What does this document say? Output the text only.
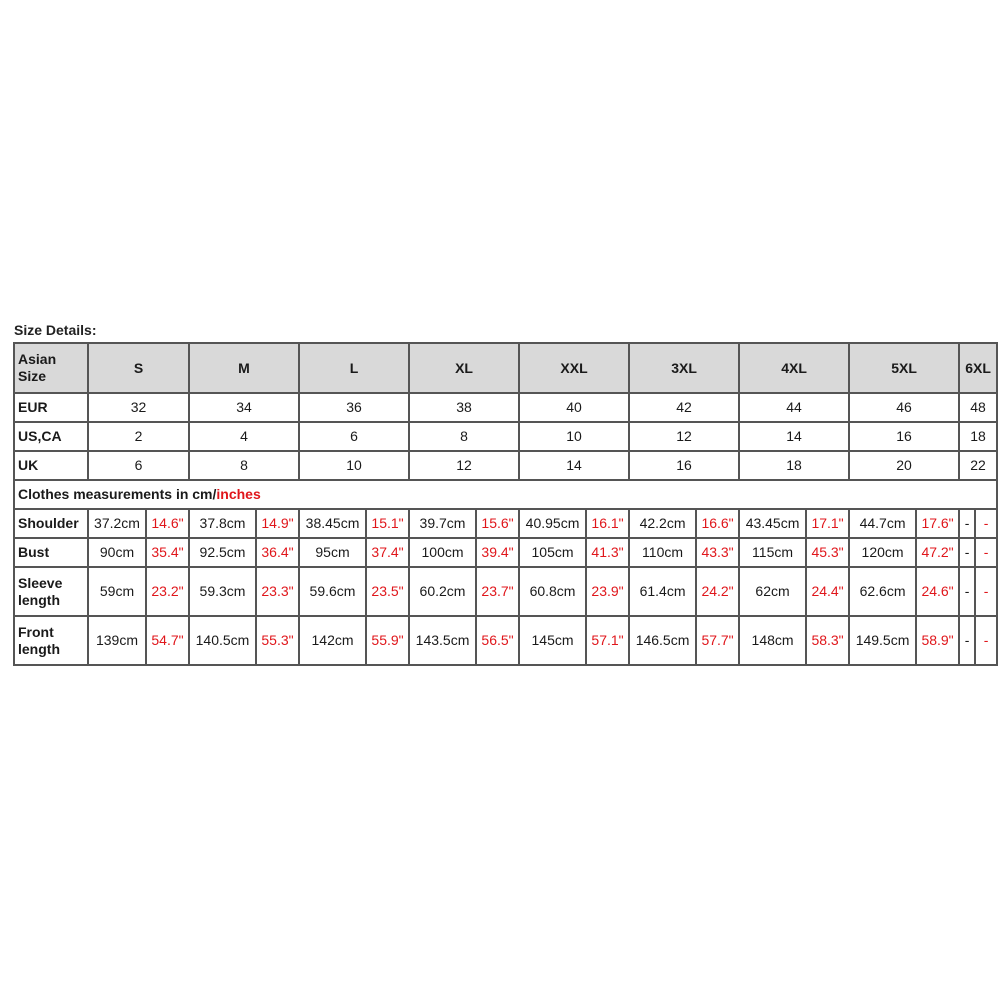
Size Details:
Asian Size	S		M		L		XL		XXL		3XL		4XL		5XL		6XL	
EUR	32		34		36		38		40		42		44		46		48	
US,CA	2		4		6		8		10		12		14		16		18	
UK	6		8		10		12		14		16		18		20		22	
Clothes measurements in cm/inches																		
Shoulder	37.2cm	14.6"	37.8cm	14.9"	38.45cm	15.1"	39.7cm	15.6"	40.95cm	16.1"	42.2cm	16.6"	43.45cm	17.1"	44.7cm	17.6"	-	-
Bust	90cm	35.4"	92.5cm	36.4"	95cm	37.4"	100cm	39.4"	105cm	41.3"	110cm	43.3"	115cm	45.3"	120cm	47.2"	-	-
Sleeve length	59cm	23.2"	59.3cm	23.3"	59.6cm	23.5"	60.2cm	23.7"	60.8cm	23.9"	61.4cm	24.2"	62cm	24.4"	62.6cm	24.6"	-	-
Front length	139cm	54.7"	140.5cm	55.3"	142cm	55.9"	143.5cm	56.5"	145cm	57.1"	146.5cm	57.7"	148cm	58.3"	149.5cm	58.9"	-	-
